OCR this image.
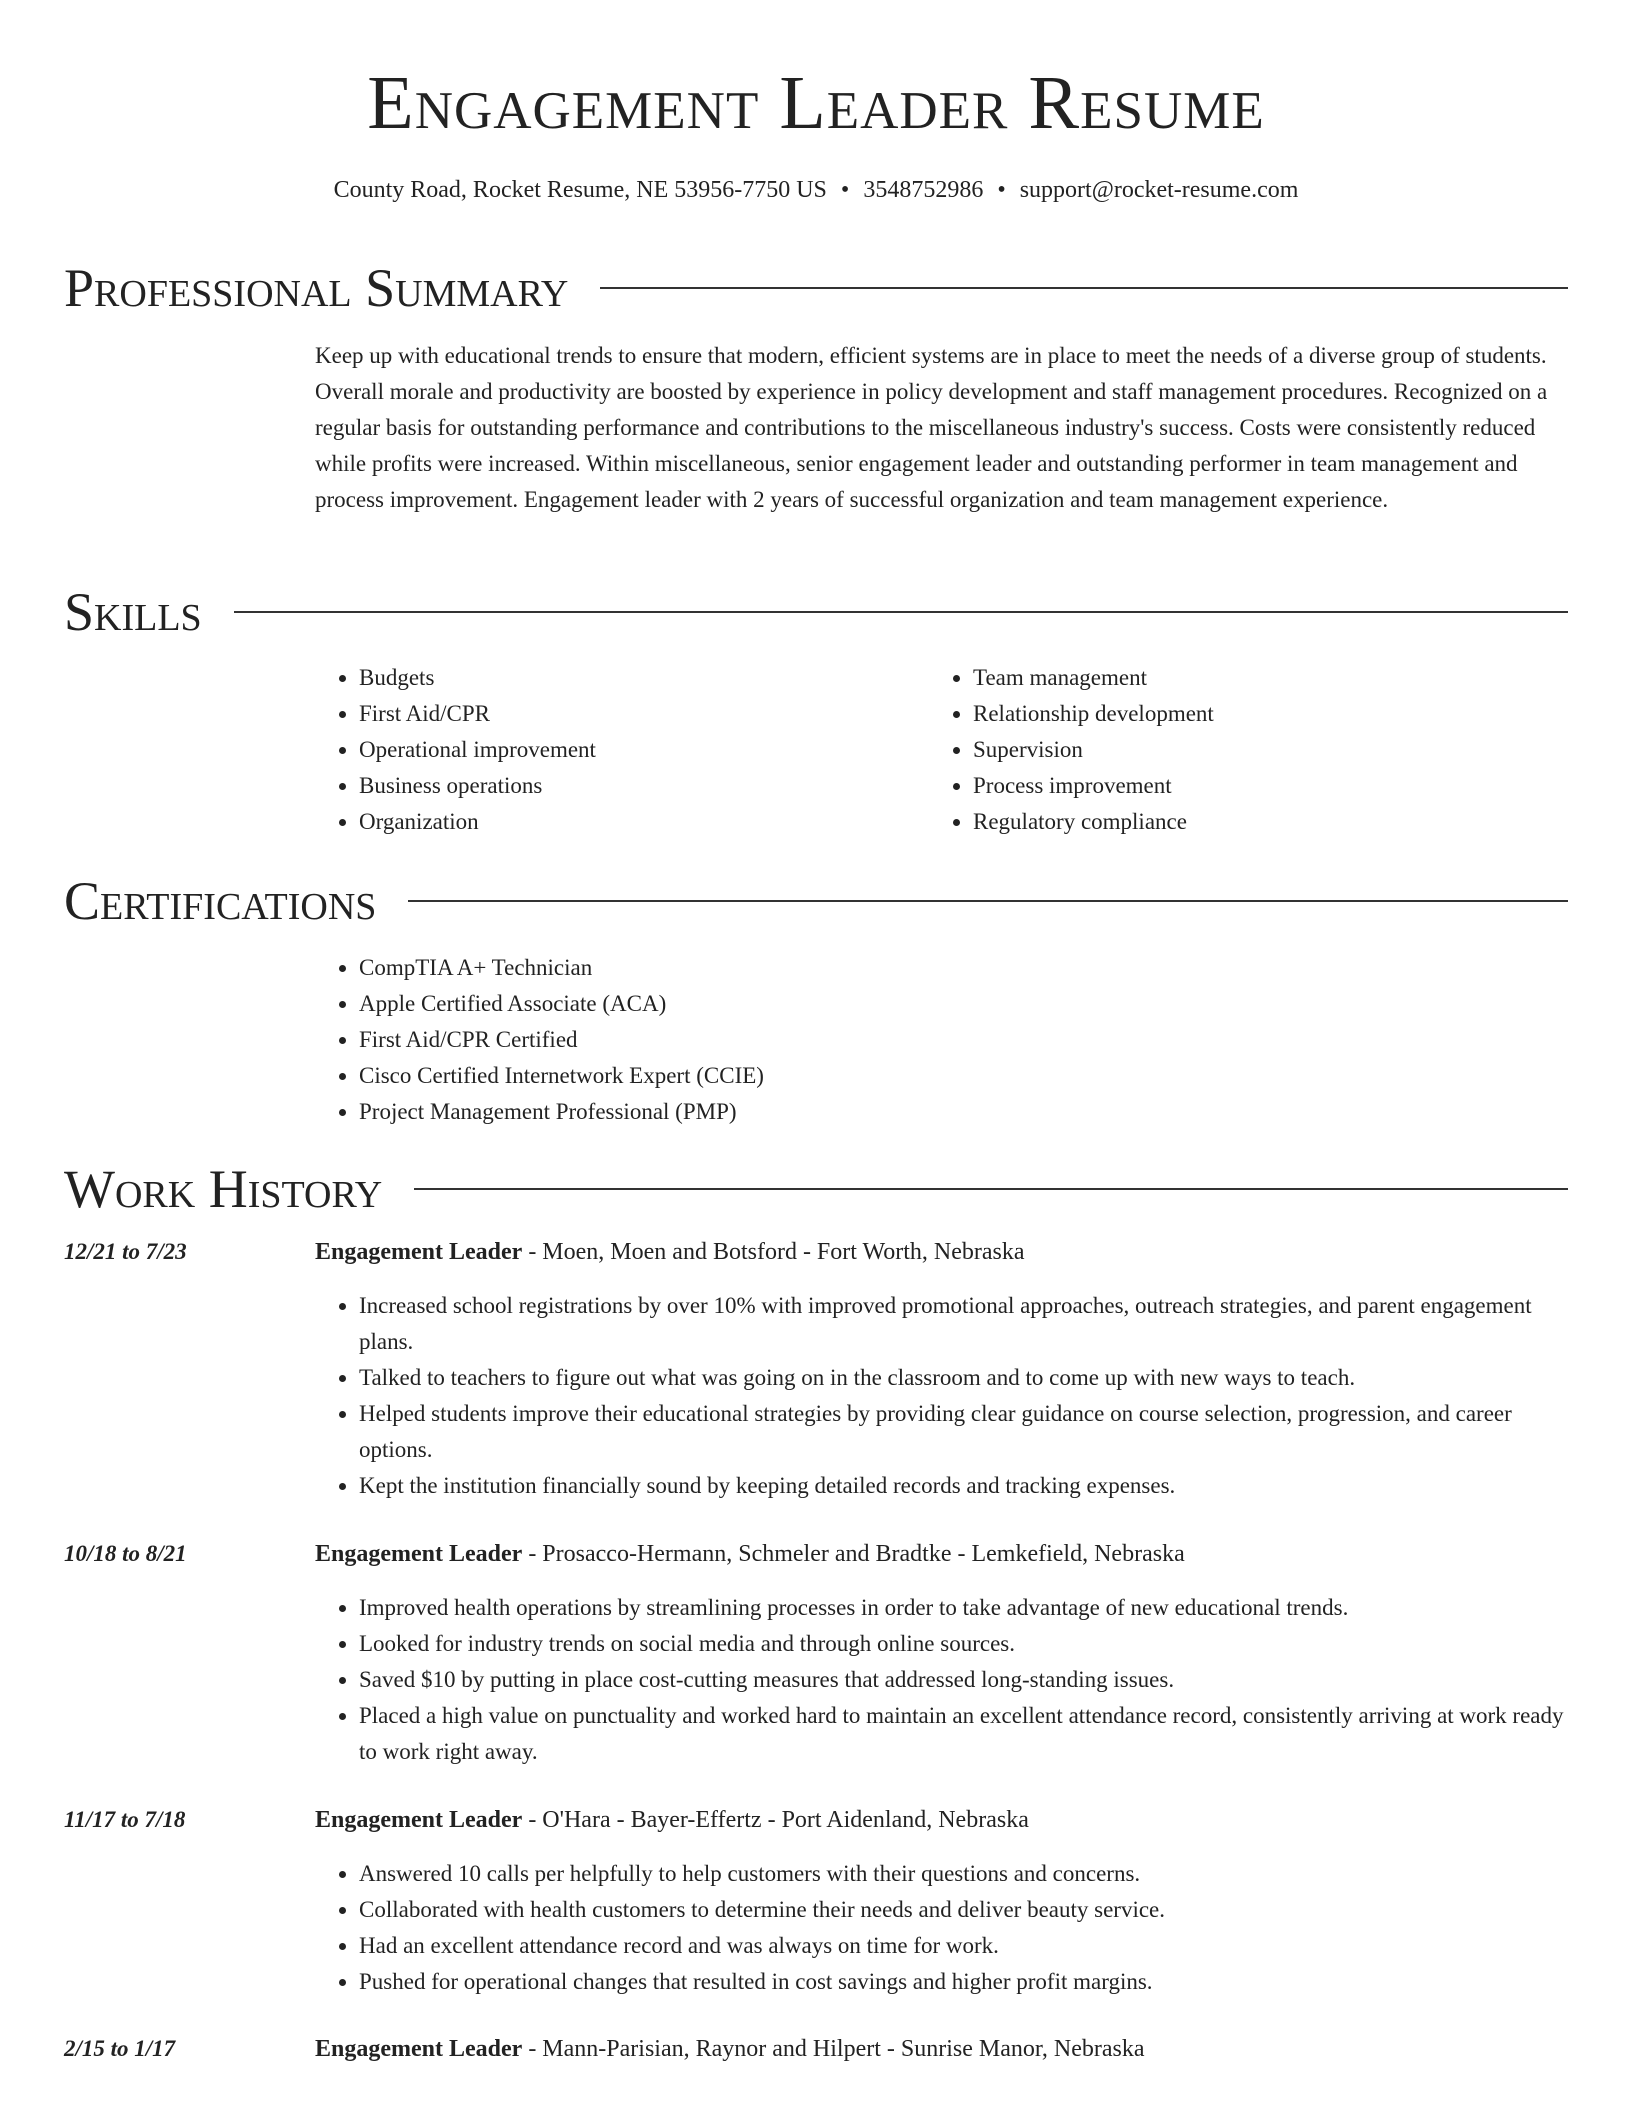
Engagement Leader Resume
County Road, Rocket Resume, NE 53956-7750 US • 3548752986 • support@rocket-resume.com
Professional Summary

Keep up with educational trends to ensure that modern, efficient systems are in place to meet the needs of a diverse group of students. Overall morale and productivity are boosted by experience in policy development and staff management procedures. Recognized on a regular basis for outstanding performance and contributions to the miscellaneous industry's success. Costs were consistently reduced while profits were increased. Within miscellaneous, senior engagement leader and outstanding performer in team management and process improvement. Engagement leader with 2 years of successful organization and team management experience.

Skills
• Budgets
• First Aid/CPR
• Operational improvement
• Business operations
• Organization
• Team management
• Relationship development
• Supervision
• Process improvement
• Regulatory compliance
Certifications
• CompTIA A+ Technician
• Apple Certified Associate (ACA)
• First Aid/CPR Certified
• Cisco Certified Internetwork Expert (CCIE)
• Project Management Professional (PMP)
Work History
12/21 to 7/23	Engagement Leader - Moen, Moen and Botsford - Fort Worth, Nebraska
• Increased school registrations by over 10% with improved promotional approaches, outreach strategies, and parent engagement plans.
• Talked to teachers to figure out what was going on in the classroom and to come up with new ways to teach.
• Helped students improve their educational strategies by providing clear guidance on course selection, progression, and career options.
• Kept the institution financially sound by keeping detailed records and tracking expenses.
10/18 to 8/21	Engagement Leader - Prosacco-Hermann, Schmeler and Bradtke - Lemkefield, Nebraska
• Improved health operations by streamlining processes in order to take advantage of new educational trends.
• Looked for industry trends on social media and through online sources.
• Saved $10 by putting in place cost-cutting measures that addressed long-standing issues.
• Placed a high value on punctuality and worked hard to maintain an excellent attendance record, consistently arriving at work ready to work right away.
11/17 to 7/18	Engagement Leader - O'Hara - Bayer-Effertz - Port Aidenland, Nebraska
• Answered 10 calls per helpfully to help customers with their questions and concerns.
• Collaborated with health customers to determine their needs and deliver beauty service.
• Had an excellent attendance record and was always on time for work.
• Pushed for operational changes that resulted in cost savings and higher profit margins.
2/15 to 1/17	Engagement Leader - Mann-Parisian, Raynor and Hilpert - Sunrise Manor, Nebraska
